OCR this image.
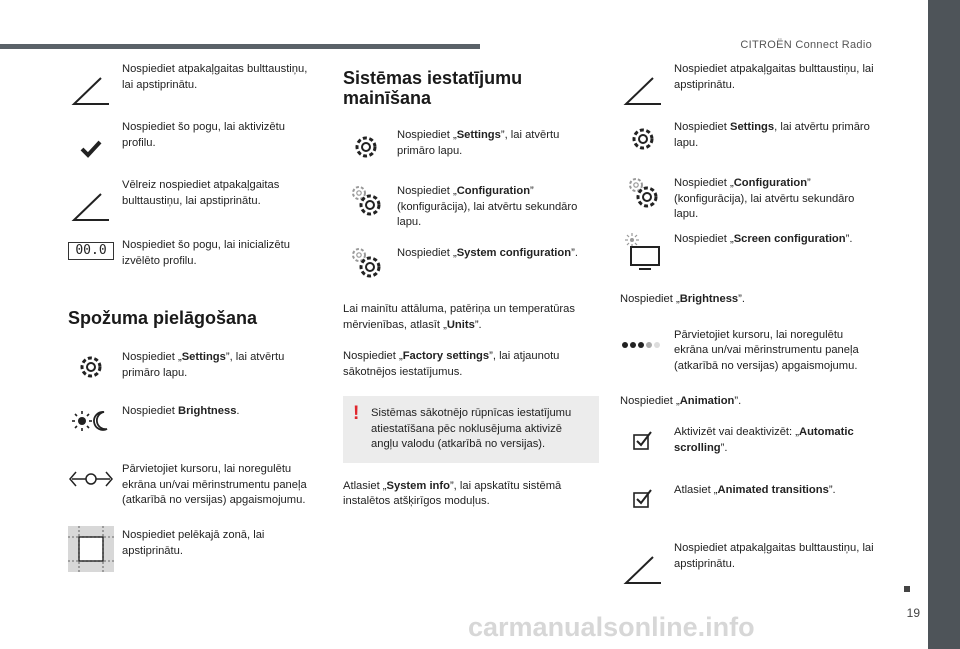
CITROËN Connect Radio
19
carmanualsonline.info
Nospiediet atpakaļgaitas bulttaustiņu, lai apstiprinātu.
Nospiediet šo pogu, lai aktivizētu profilu.
Vēlreiz nospiediet atpakaļgaitas bulttaustiņu, lai apstiprinātu.
00.0	Nospiediet šo pogu, lai inicializētu izvēlēto profilu.
Spožuma pielāgošana
Nospiediet „Settings”, lai atvērtu primāro lapu.
Nospiediet Brightness.
Pārvietojiet kursoru, lai noregulētu ekrāna un/vai mērinstrumentu paneļa (atkarībā no versijas) apgaismojumu.
Nospiediet pelēkajā zonā, lai apstiprinātu.
Sistēmas iestatījumu mainīšana
Nospiediet „Settings”, lai atvērtu primāro lapu.
Nospiediet „Configuration” (konfigurācija), lai atvērtu sekundāro lapu.
Nospiediet „System configuration”.
Lai mainītu attāluma, patēriņa un temperatūras mērvienības, atlasīt „Units”.
Nospiediet „Factory settings”, lai atjaunotu sākotnējos iestatījumus.
! Sistēmas sākotnējo rūpnīcas iestatījumu atiestatīšana pēc noklusējuma aktivizē angļu valodu (atkarībā no versijas).
Atlasiet „System info”, lai apskatītu sistēmā instalētos atšķirīgos moduļus.
Nospiediet atpakaļgaitas bulttaustiņu, lai apstiprinātu.
Nospiediet Settings, lai atvērtu primāro lapu.
Nospiediet „Configuration” (konfigurācija), lai atvērtu sekundāro lapu.
Nospiediet „Screen configuration”.
Nospiediet „Brightness”.
Pārvietojiet kursoru, lai noregulētu ekrāna un/vai mērinstrumentu paneļa (atkarībā no versijas) apgaismojumu.
Nospiediet „Animation”.
Aktivizēt vai deaktivizēt: „Automatic scrolling”.
Atlasiet „Animated transitions”.
Nospiediet atpakaļgaitas bulttaustiņu, lai apstiprinātu.
